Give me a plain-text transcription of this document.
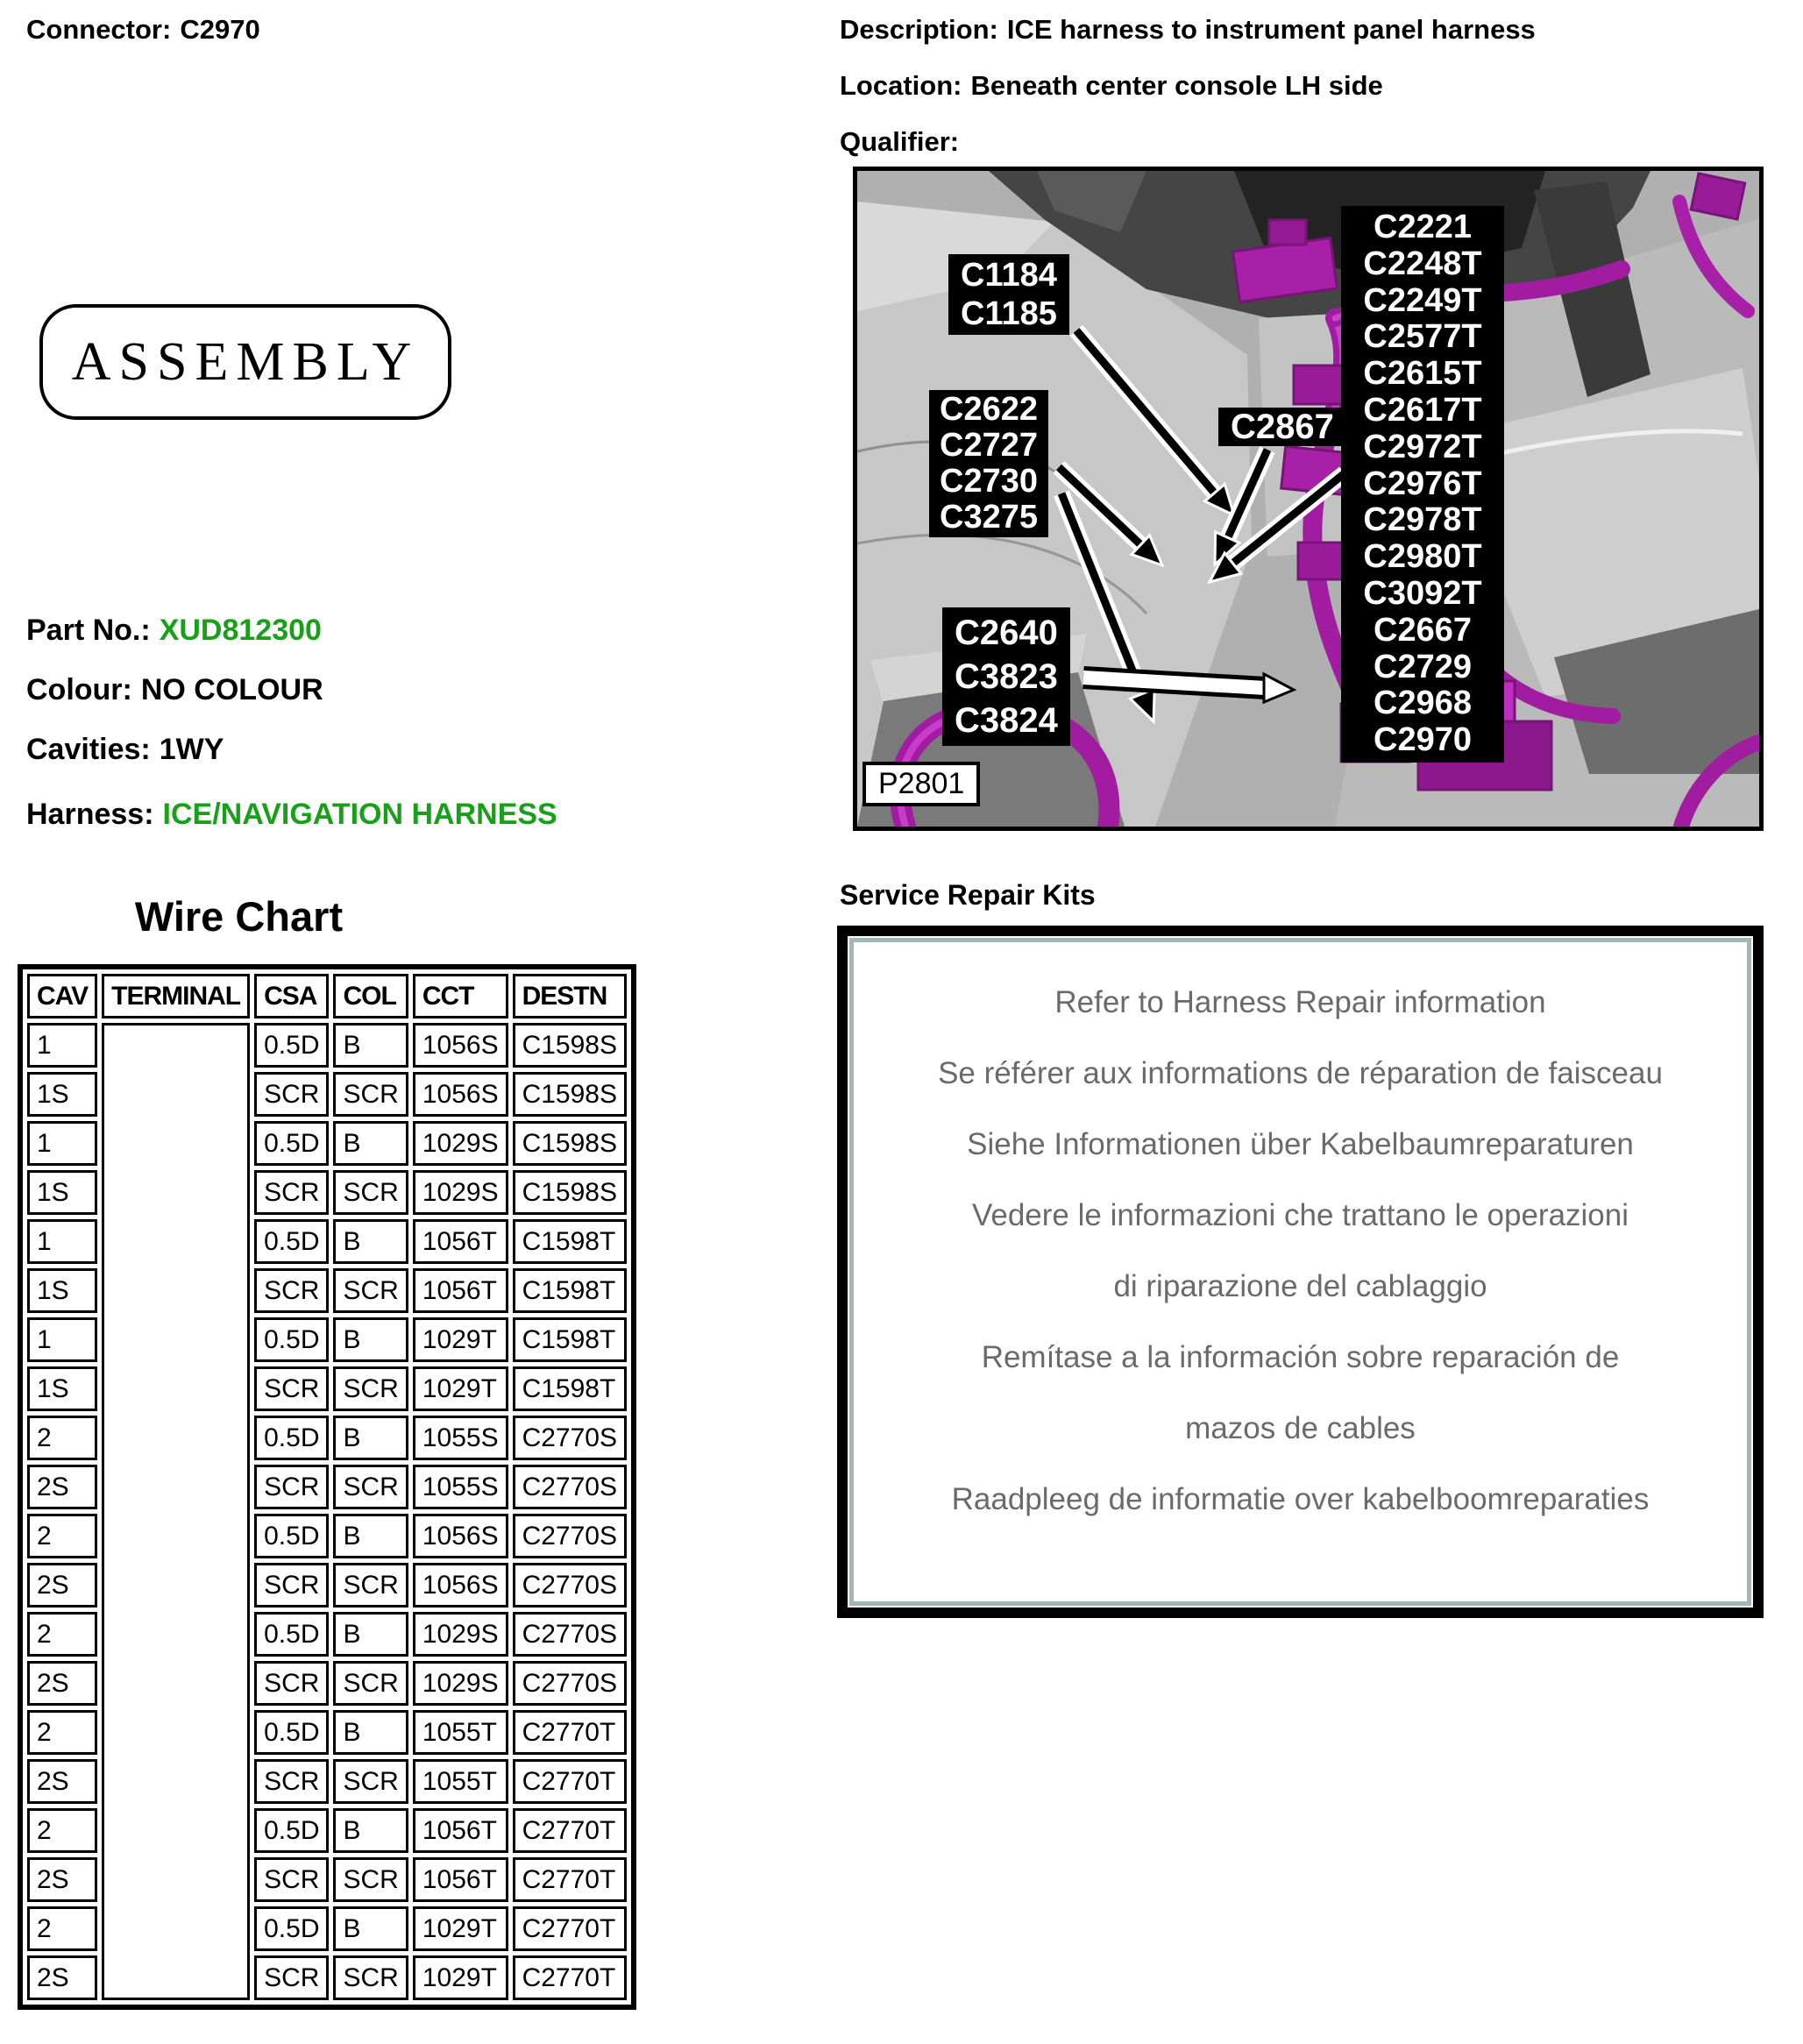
Connector: C2970	Description: ICE harness to instrument panel harness
Location: Beneath center console LH side
Qualifier:
ASSEMBLY
Part No.: XUD812300
Colour: NO COLOUR
Cavities: 1WY
Harness: ICE/NAVIGATION HARNESS
Wire Chart
CAV	TERMINAL	CSA	COL	CCT	DESTN
1		0.5D	B	1056S	C1598S
1S		SCR	SCR	1056S	C1598S
1		0.5D	B	1029S	C1598S
1S		SCR	SCR	1029S	C1598S
1		0.5D	B	1056T	C1598T
1S		SCR	SCR	1056T	C1598T
1		0.5D	B	1029T	C1598T
1S		SCR	SCR	1029T	C1598T
2		0.5D	B	1055S	C2770S
2S		SCR	SCR	1055S	C2770S
2		0.5D	B	1056S	C2770S
2S		SCR	SCR	1056S	C2770S
2		0.5D	B	1029S	C2770S
2S		SCR	SCR	1029S	C2770S
2		0.5D	B	1055T	C2770T
2S		SCR	SCR	1055T	C2770T
2		0.5D	B	1056T	C2770T
2S		SCR	SCR	1056T	C2770T
2		0.5D	B	1029T	C2770T
2S		SCR	SCR	1029T	C2770T
C1184
C1185
C2622
C2727
C2730
C3275
C2867
C2640
C3823
C3824
C2221
C2248T
C2249T
C2577T
C2615T
C2617T
C2972T
C2976T
C2978T
C2980T
C3092T
C2667
C2729
C2968
C2970
P2801
Service Repair Kits
Refer to Harness Repair information
Se référer aux informations de réparation de faisceau
Siehe Informationen über Kabelbaumreparaturen
Vedere le informazioni che trattano le operazioni
di riparazione del cablaggio
Remítase a la información sobre reparación de
mazos de cables
Raadpleeg de informatie over kabelboomreparaties
